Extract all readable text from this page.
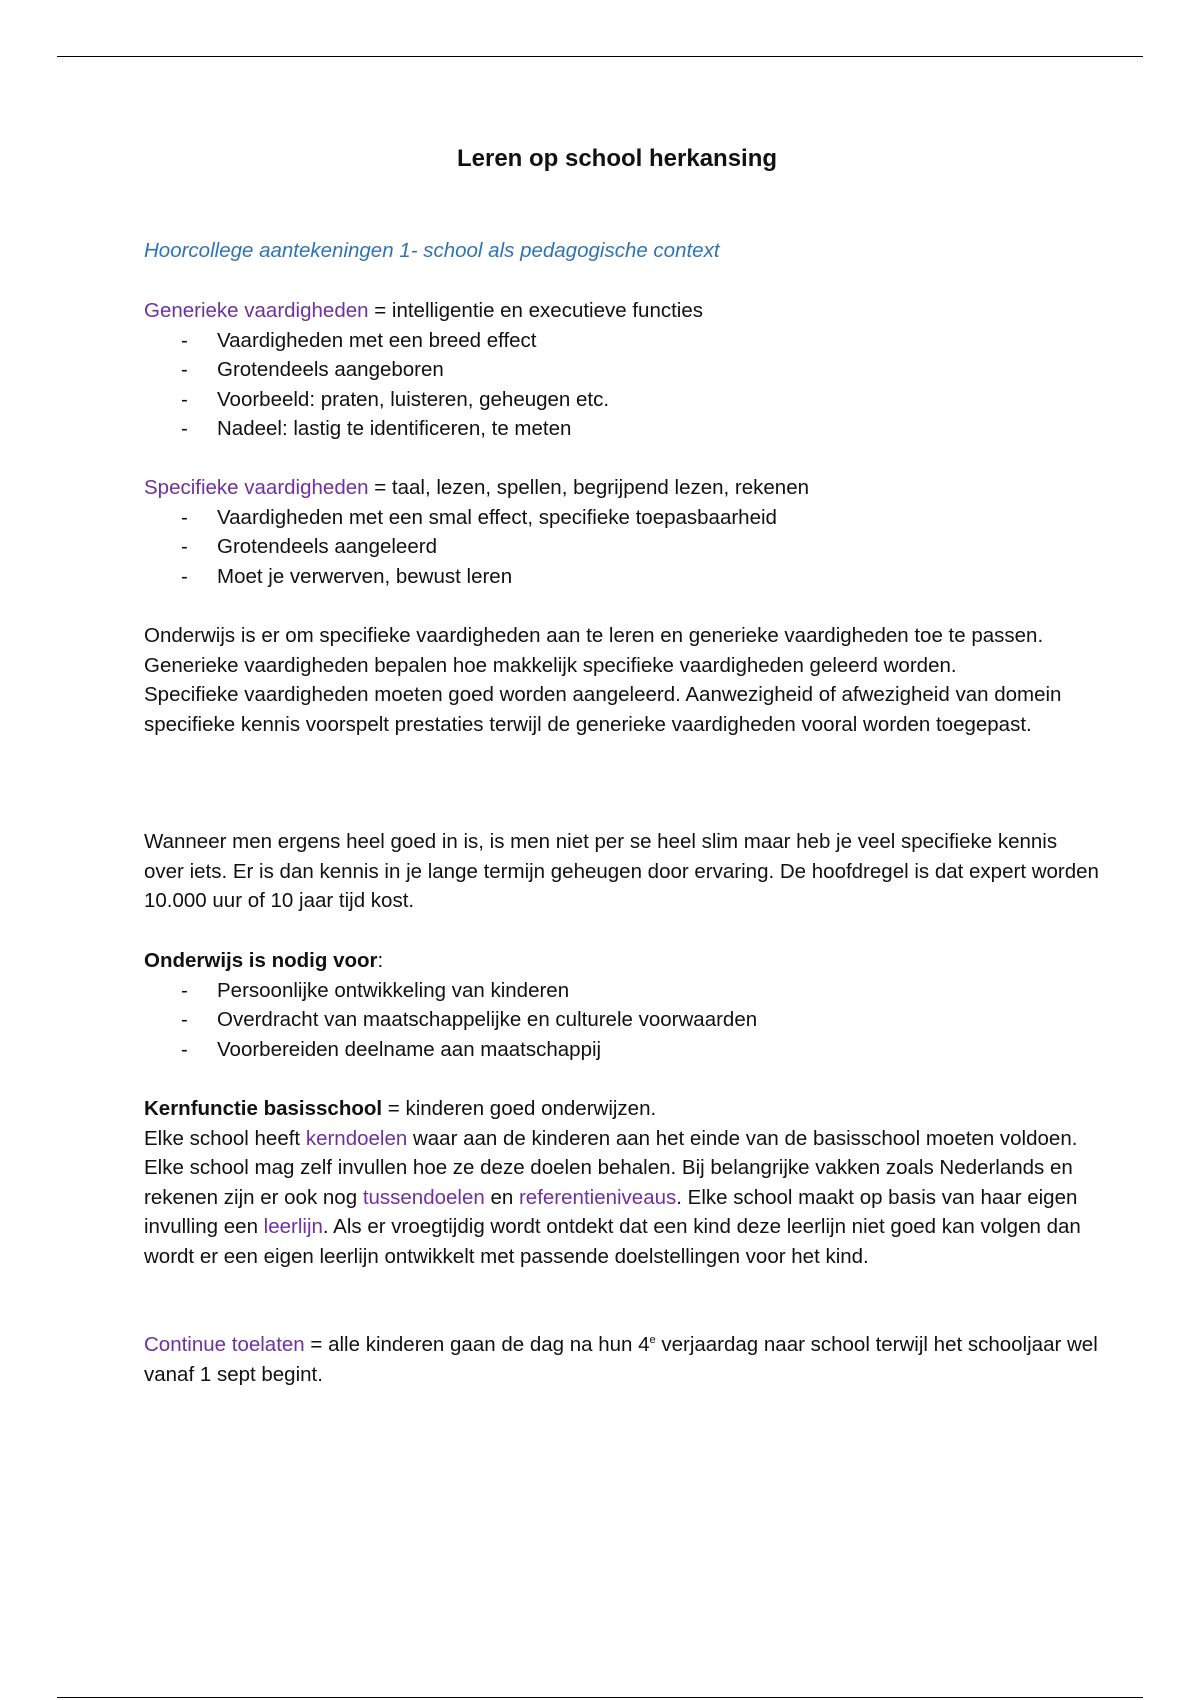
Leren op school herkansing
Hoorcollege aantekeningen 1- school als pedagogische context

Generieke vaardigheden = intelligentie en executieve functies

- Vaardigheden met een breed effect
- Grotendeels aangeboren
- Voorbeeld: praten, luisteren, geheugen etc.
- Nadeel: lastig te identificeren, te meten

Specifieke vaardigheden = taal, lezen, spellen, begrijpend lezen, rekenen

- Vaardigheden met een smal effect, specifieke toepasbaarheid
- Grotendeels aangeleerd
- Moet je verwerven, bewust leren

Onderwijs is er om specifieke vaardigheden aan te leren en generieke vaardigheden toe te passen. Generieke vaardigheden bepalen hoe makkelijk specifieke vaardigheden geleerd worden.

Specifieke vaardigheden moeten goed worden aangeleerd. Aanwezigheid of afwezigheid van domein specifieke kennis voorspelt prestaties terwijl de generieke vaardigheden vooral worden toegepast.

Wanneer men ergens heel goed in is, is men niet per se heel slim maar heb je veel specifieke kennis over iets. Er is dan kennis in je lange termijn geheugen door ervaring. De hoofdregel is dat expert worden 10.000 uur of 10 jaar tijd kost.

Onderwijs is nodig voor:

- Persoonlijke ontwikkeling van kinderen
- Overdracht van maatschappelijke en culturele voorwaarden
- Voorbereiden deelname aan maatschappij

Kernfunctie basisschool = kinderen goed onderwijzen.

Elke school heeft kerndoelen waar aan de kinderen aan het einde van de basisschool moeten voldoen. Elke school mag zelf invullen hoe ze deze doelen behalen. Bij belangrijke vakken zoals Nederlands en rekenen zijn er ook nog tussendoelen en referentieniveaus. Elke school maakt op basis van haar eigen invulling een leerlijn. Als er vroegtijdig wordt ontdekt dat een kind deze leerlijn niet goed kan volgen dan wordt er een eigen leerlijn ontwikkelt met passende doelstellingen voor het kind.

Continue toelaten = alle kinderen gaan de dag na hun 4e verjaardag naar school terwijl het schooljaar wel vanaf 1 sept begint.
